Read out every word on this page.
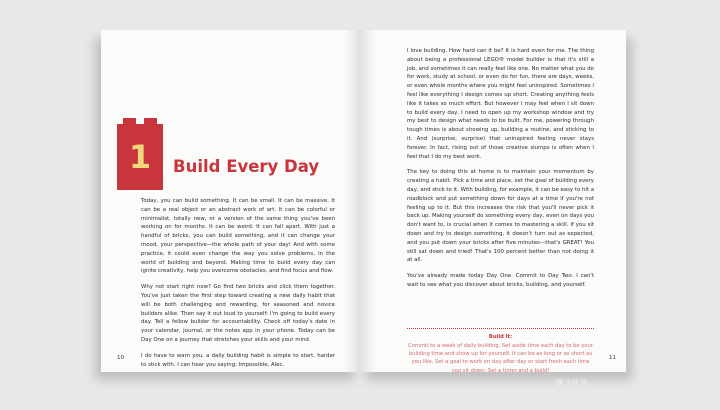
1	Build Every Day

Today, you can build something. It can be small. It can be massive. It can be a real object or an abstract work of art. It can be colorful or minimalist, totally new, or a version of the same thing you've been working on for months. It can be weird. It can fall apart. With just a handful of bricks, you can build something, and it can change your mood, your perspective—the whole path of your day! And with some practice, it could even change the way you solve problems, in the world of building and beyond. Making time to build every day can ignite creativity, help you overcome obstacles, and find focus and flow.

Why not start right now? Go find two bricks and click them together. You've just taken the first step toward creating a new daily habit that will be both challenging and rewarding, for seasoned and novice builders alike. Then say it out loud to yourself: I'm going to build every day. Tell a fellow builder for accountability. Check off today's date in your calendar, journal, or the notes app in your phone. Today can be Day One on a journey that stretches your skills and your mind.

I do have to warn you, a daily building habit is simple to start, harder to stick with. I can hear you saying: Impossible, Alec.

10

I love building. How hard can it be? It is hard even for me. The thing about being a professional LEGO® model builder is that it's still a job, and sometimes it can really feel like one. No matter what you do for work, study at school, or even do for fun, there are days, weeks, or even whole months where you might feel uninspired. Sometimes I feel like everything I design comes up short. Creating anything feels like it takes so much effort. But however I may feel when I sit down to build every day, I need to open up my workshop window and try my best to design what needs to be built. For me, powering through tough times is about showing up, building a routine, and sticking to it. And (surprise, surprise) that uninspired feeling never stays forever. In fact, rising out of those creative slumps is often when I feel that I do my best work.

The key to doing this at home is to maintain your momentum by creating a habit. Pick a time and place, set the goal of building every day, and stick to it. With building, for example, it can be easy to hit a roadblock and put something down for days at a time if you're not feeling up to it. But this increases the risk that you'll never pick it back up. Making yourself do something every day, even on days you don't want to, is crucial when it comes to mastering a skill. If you sit down and try to design something, it doesn't turn out as expected, and you put down your bricks after five minutes—that's GREAT! You still sat down and tried! That's 100 percent better than not doing it at all.

You've already made today Day One. Commit to Day Two. I can't wait to see what you discover about bricks, building, and yourself.

Build It:
Commit to a week of daily building. Set aside time each day to be your building time and show up for yourself. It can be as long or as short as you like. Set a goal to work on day after day or start fresh each time you sit down. Set a timer and a build!
11
@ 小红书
